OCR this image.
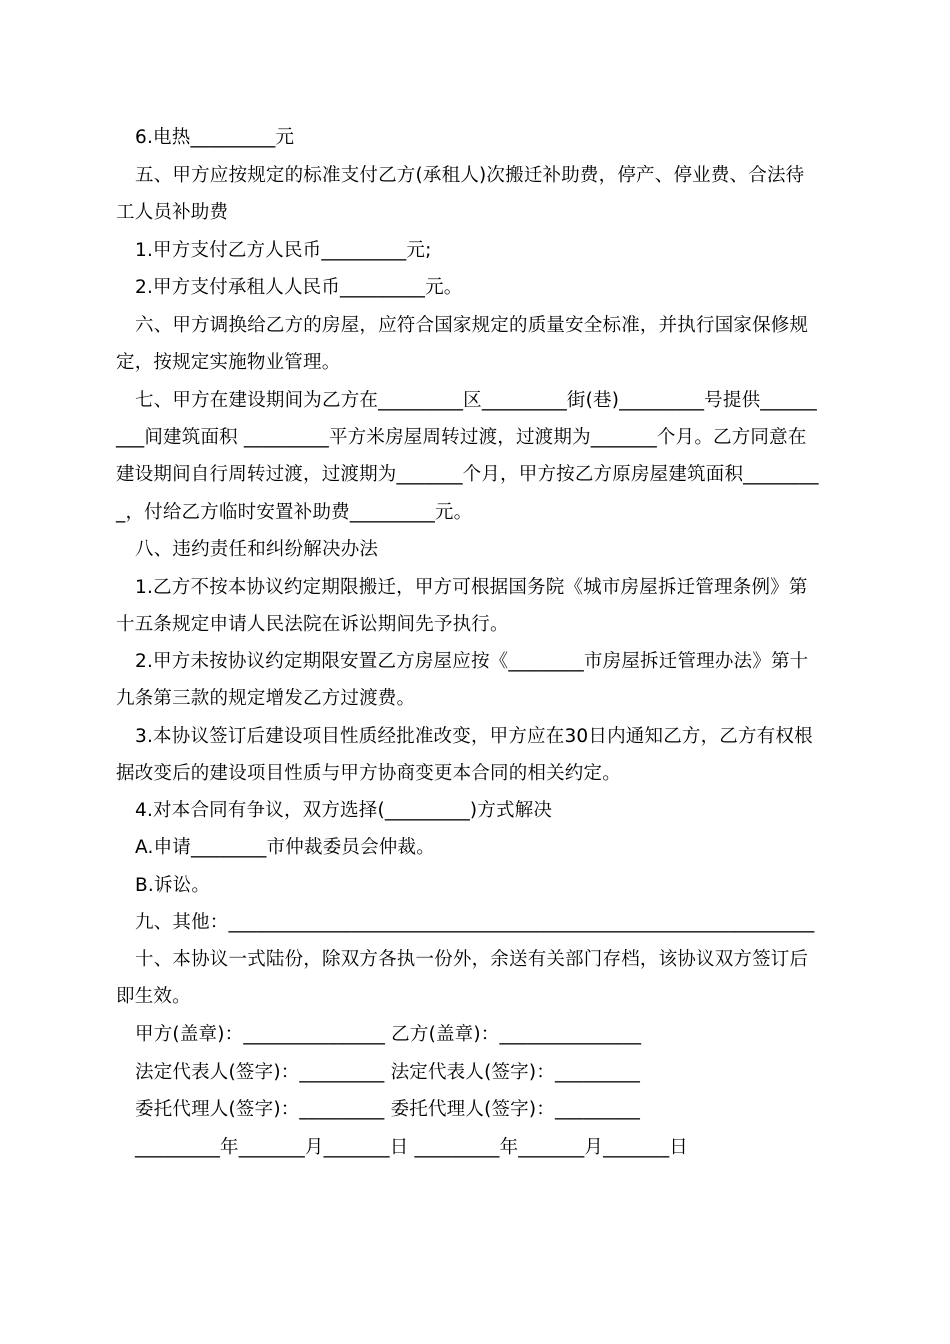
6.电热_________元
五、甲方应按规定的标准支付乙方(承租人)次搬迁补助费，停产、停业费、合法待
工人员补助费
1.甲方支付乙方人民币_________元;
2.甲方支付承租人人民币_________元。
六、甲方调换给乙方的房屋，应符合国家规定的质量安全标准，并执行国家保修规
定，按规定实施物业管理。
七、甲方在建设期间为乙方在_________区_________街(巷)_________号提供______
___间建筑面积 _________平方米房屋周转过渡，过渡期为_______个月。乙方同意在
建设期间自行周转过渡，过渡期为_______个月，甲方按乙方原房屋建筑面积________
_，付给乙方临时安置补助费_________元。
八、违约责任和纠纷解决办法
1.乙方不按本协议约定期限搬迁，甲方可根据国务院《城市房屋拆迁管理条例》第
十五条规定申请人民法院在诉讼期间先予执行。
2.甲方未按协议约定期限安置乙方房屋应按《________市房屋拆迁管理办法》第十
九条第三款的规定增发乙方过渡费。
3.本协议签订后建设项目性质经批准改变，甲方应在30日内通知乙方，乙方有权根
据改变后的建设项目性质与甲方协商变更本合同的相关约定。
4.对本合同有争议，双方选择(_________)方式解决
A.申请________市仲裁委员会仲裁。
B.诉讼。
九、其他：______________________________________________________________
十、本协议一式陆份，除双方各执一份外，余送有关部门存档，该协议双方签订后
即生效。
甲方(盖章)：_______________ 乙方(盖章)：_______________
法定代表人(签字)：_________ 法定代表人(签字)：_________
委托代理人(签字)：_________ 委托代理人(签字)：_________
_________年_______月_______日 _________年_______月_______日
